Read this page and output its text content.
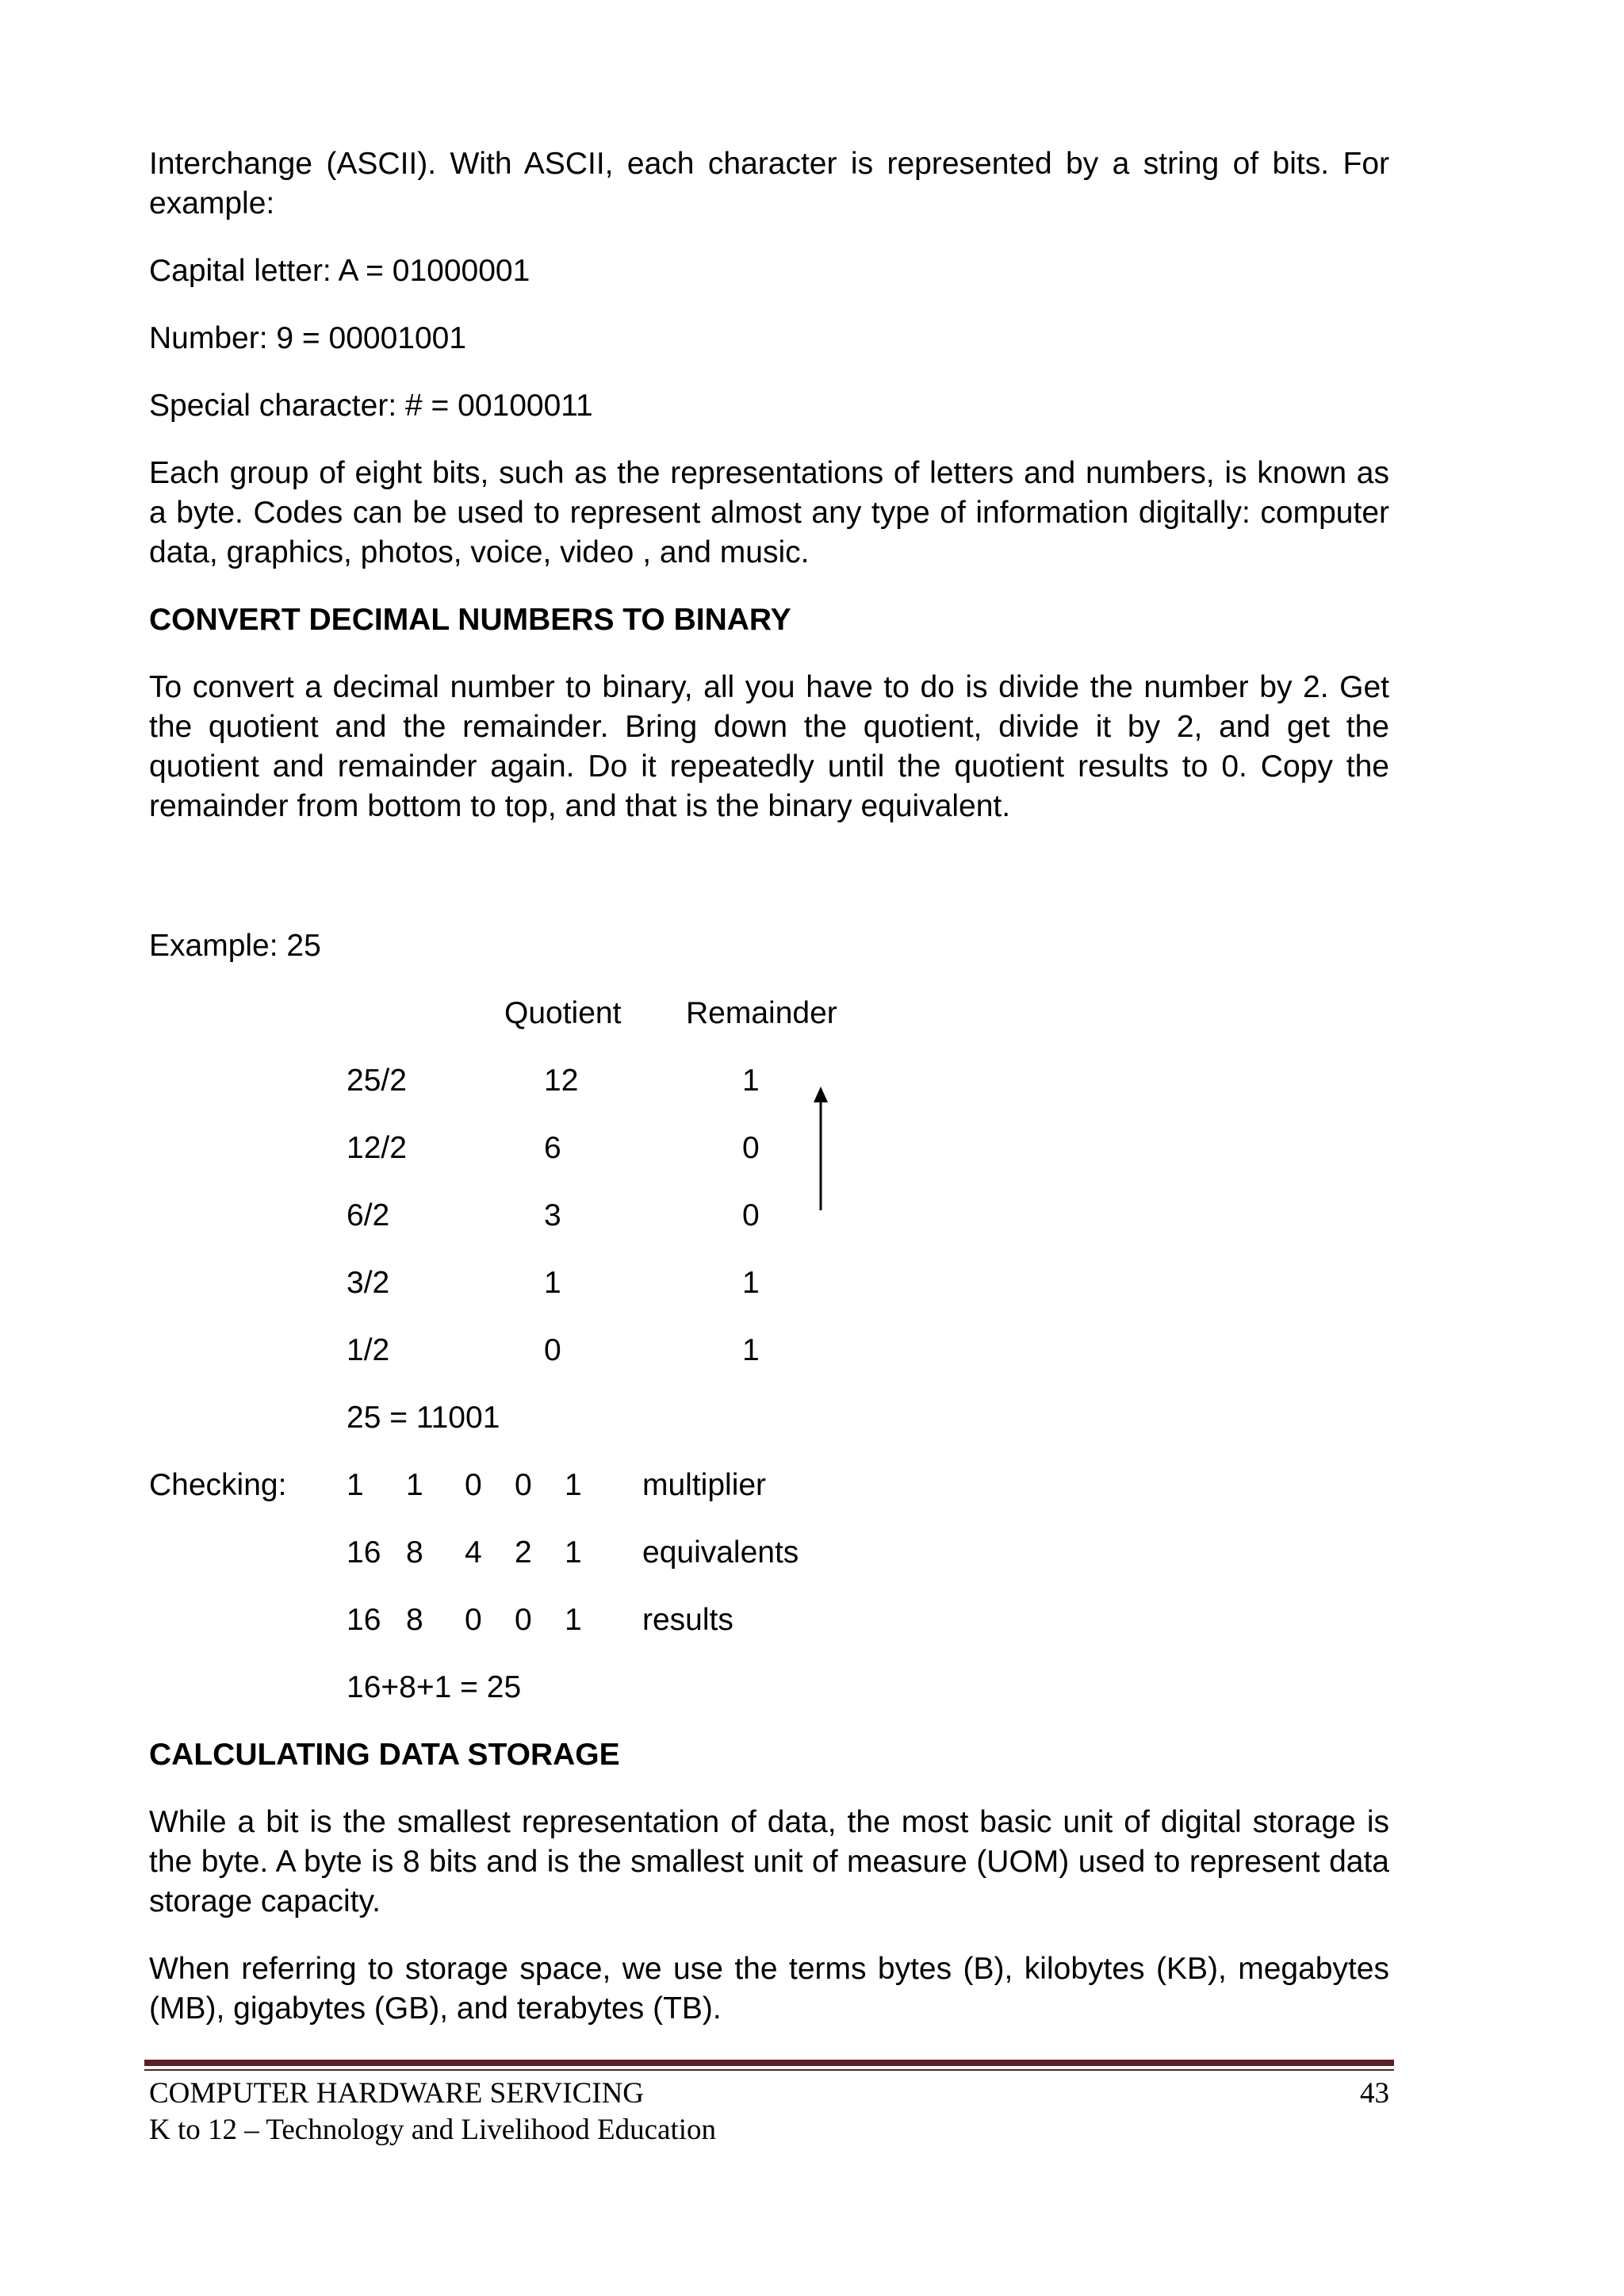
Interchange (ASCII). With ASCII, each character is represented by a string of bits. For example:

Capital letter: A = 01000001

Number: 9 = 00001001

Special character: # = 00100011

Each group of eight bits, such as the representations of letters and numbers, is known as a byte. Codes can be used to represent almost any type of information digitally: computer data, graphics, photos, voice, video , and music.

CONVERT DECIMAL NUMBERS TO BINARY

To convert a decimal number to binary, all you have to do is divide the number by 2. Get the quotient and the remainder. Bring down the quotient, divide it by 2, and get the quotient and remainder again. Do it repeatedly until the quotient results to 0. Copy the remainder from bottom to top, and that is the binary equivalent.

Example: 25
Quotient Remainder
25/2	12	1
12/2	6	0
6/2	3	0
3/2	1	1
1/2	0	1
25 = 11001
Checking: 1 1 0 0 1 multiplier
16 8 4 2 1 equivalents
16 8 0 0 1 results
16+8+1 = 25

CALCULATING DATA STORAGE

While a bit is the smallest representation of data, the most basic unit of digital storage is the byte. A byte is 8 bits and is the smallest unit of measure (UOM) used to represent data storage capacity.

When referring to storage space, we use the terms bytes (B), kilobytes (KB), megabytes (MB), gigabytes (GB), and terabytes (TB).

COMPUTER HARDWARE SERVICING
K to 12 – Technology and Livelihood Education
43
